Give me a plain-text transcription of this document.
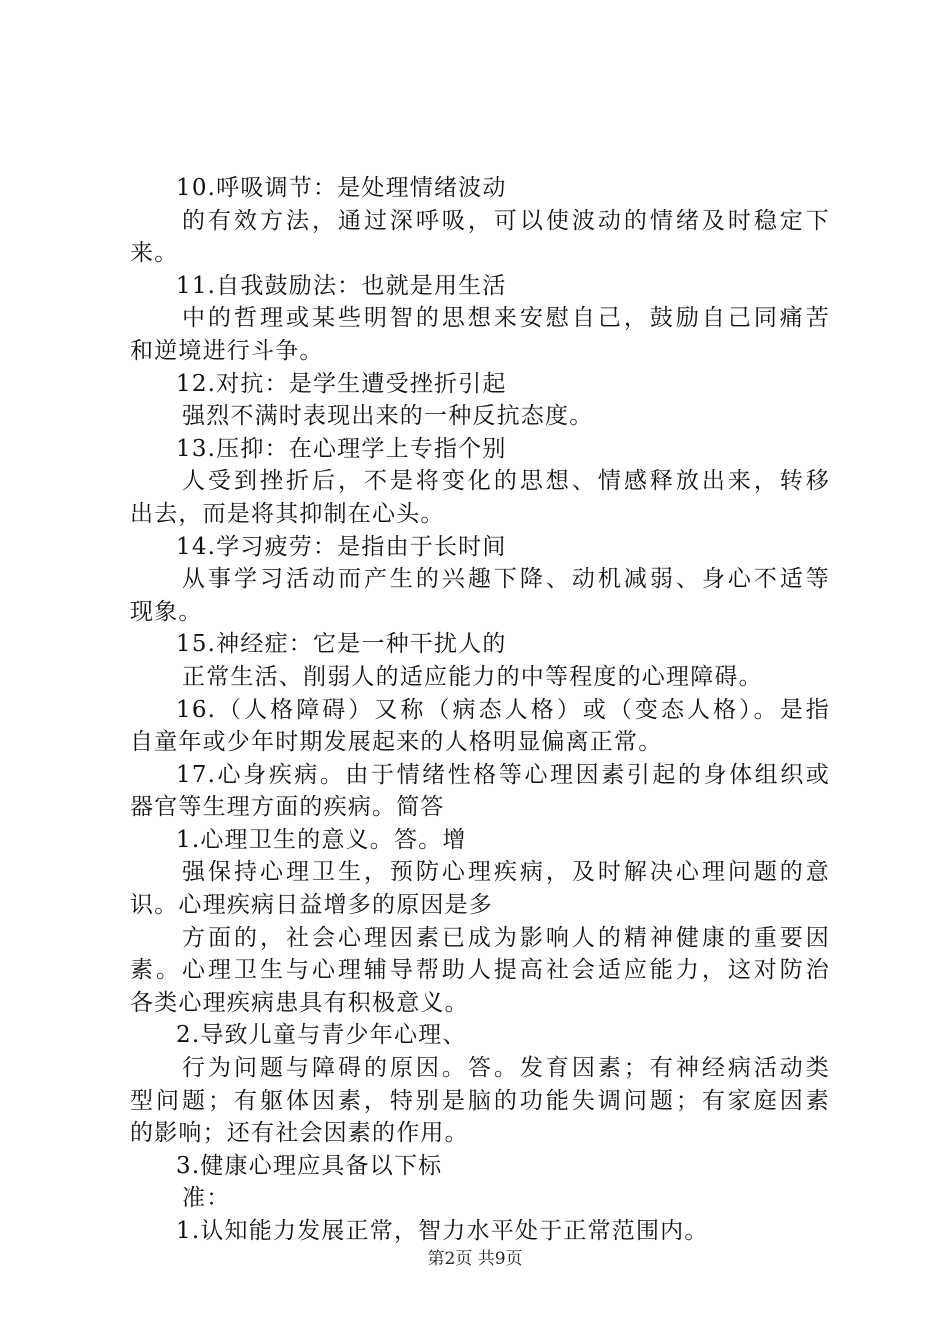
10.呼吸调节：是处理情绪波动
的有效方法，通过深呼吸，可以使波动的情绪及时稳定下
来。
11.自我鼓励法：也就是用生活
中的哲理或某些明智的思想来安慰自己，鼓励自己同痛苦
和逆境进行斗争。
12.对抗：是学生遭受挫折引起
强烈不满时表现出来的一种反抗态度。
13.压抑：在心理学上专指个别
人受到挫折后，不是将变化的思想、情感释放出来，转移
出去，而是将其抑制在心头。
14.学习疲劳：是指由于长时间
从事学习活动而产生的兴趣下降、动机减弱、身心不适等
现象。
15.神经症：它是一种干扰人的
正常生活、削弱人的适应能力的中等程度的心理障碍。
16.（人格障碍）又称（病态人格）或（变态人格）。是指
自童年或少年时期发展起来的人格明显偏离正常。
17.心身疾病。由于情绪性格等心理因素引起的身体组织或
器官等生理方面的疾病。简答
1.心理卫生的意义。答。增
强保持心理卫生，预防心理疾病，及时解决心理问题的意
识。心理疾病日益增多的原因是多
方面的，社会心理因素已成为影响人的精神健康的重要因
素。心理卫生与心理辅导帮助人提高社会适应能力，这对防治
各类心理疾病患具有积极意义。
2.导致儿童与青少年心理、
行为问题与障碍的原因。答。发育因素；有神经病活动类
型问题；有躯体因素，特别是脑的功能失调问题；有家庭因素
的影响；还有社会因素的作用。
3.健康心理应具备以下标
准：
1.认知能力发展正常，智力水平处于正常范围内。
第2页 共9页
